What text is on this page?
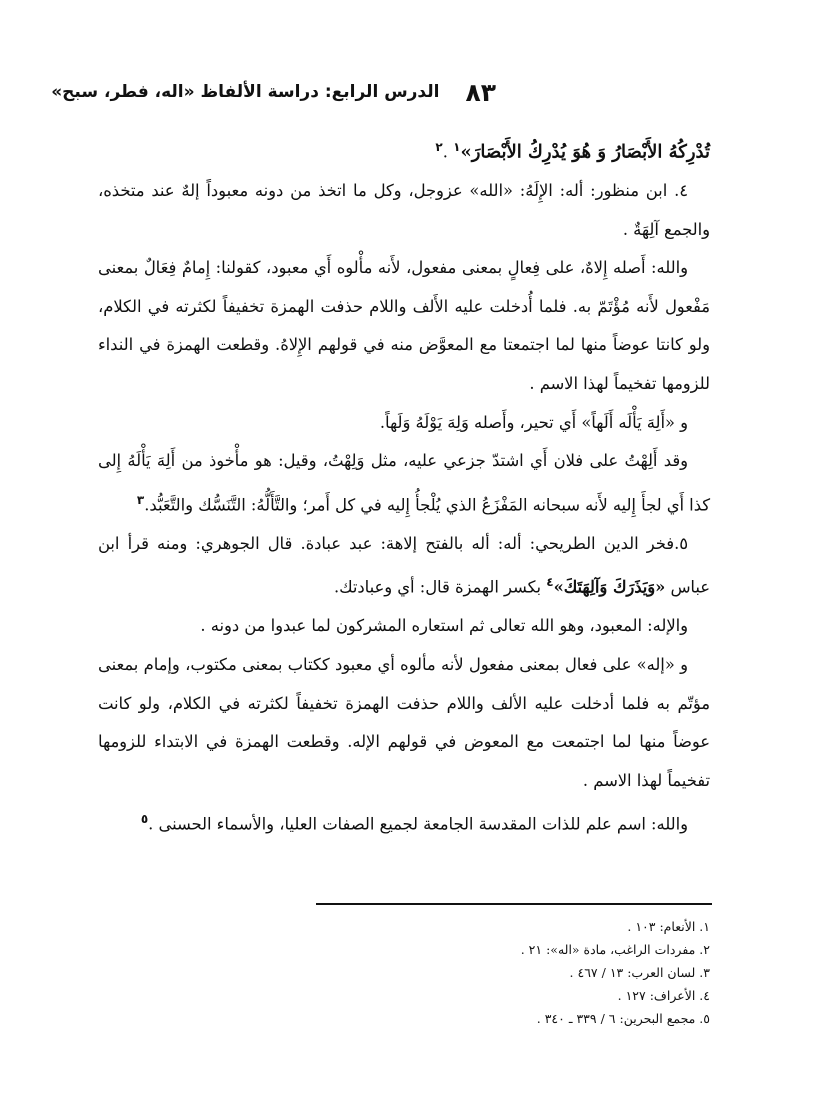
٨٣
الدرس الرابع: دراسة الألفاظ «اله، فطر، سبح»

تُدْرِكُهُ الأَبْصَارُ وَ هُوَ يُدْرِكُ الأَبْصَارَ»$^١$ .$^٢$

٤. ابن منظور: أله: الإِلَهُ: «الله» عزوجل، وكل ما اتخذ من دونه معبوداً إلهٌ عند متخذه، والجمع آلِهَةٌ .

والله: أَصله إِلاهٌ، على فِعالٍ بمعنى مفعول، لأَنه مأْلوه أَي معبود، كقولنا: إِمامٌ فِعَالٌ بمعنى مَفْعول لأَنه مُؤْتَمّ به. فلما أُدخلت عليه الأَلف واللام حذفت الهمزة تخفيفاً لكثرته في الكلام، ولو كانتا عوضاً منها لما اجتمعتا مع المعوَّض منه في قولهم الإِلاهُ. وقطعت الهمزة في النداء للزومها تفخيماً لهذا الاسم .

و «أَلِهَ يَأْلَه أَلَهاً» أَي تحير، وأَصله وَلِهَ يَوْلَهُ وَلَهاً.

وقد أَلِهْتُ على فلان أَي اشتدّ جزعي عليه، مثل وَلِهْتُ، وقيل: هو مأْخوذ من أَلِهَ يَأْلَهُ إِلى كذا أَي لجأَ إِليه لأَنه سبحانه المَفْزَعُ الذي يُلْجأُ إِليه في كل أَمر؛ والتَّأَلُّهُ: التَّنَسُّك والتَّعَبُّد.$^٣$

٥.فخر الدين الطريحي: أله: أله بالفتح إلاهة: عبد عبادة. قال الجوهري: ومنه قرأ ابن عباس «وَيَذَرَكَ وَآلِهَتَكَ»$^٤$ بكسر الهمزة قال: أي وعبادتك.

والإله: المعبود، وهو الله تعالى ثم استعاره المشركون لما عبدوا من دونه .

و «إله» على فعال بمعنى مفعول لأنه مألوه أي معبود ككتاب بمعنى مكتوب، وإمام بمعنى مؤتّم به فلما أدخلت عليه الألف واللام حذفت الهمزة تخفيفاً لكثرته في الكلام، ولو كانت عوضاً منها لما اجتمعت مع المعوض في قولهم الإله. وقطعت الهمزة في الابتداء للزومها تفخيماً لهذا الاسم .

والله: اسم علم للذات المقدسة الجامعة لجميع الصفات العليا، والأسماء الحسنى .$^٥$

١. الأنعام: ١٠٣ .
٢. مفردات الراغب، مادة «اله»: ٢١ .
٣. لسان العرب: ١٣ / ٤٦٧ .
٤. الأعراف: ١٢٧ .
٥. مجمع البحرين: ٦ / ٣٣٩ ـ ٣٤٠ .
